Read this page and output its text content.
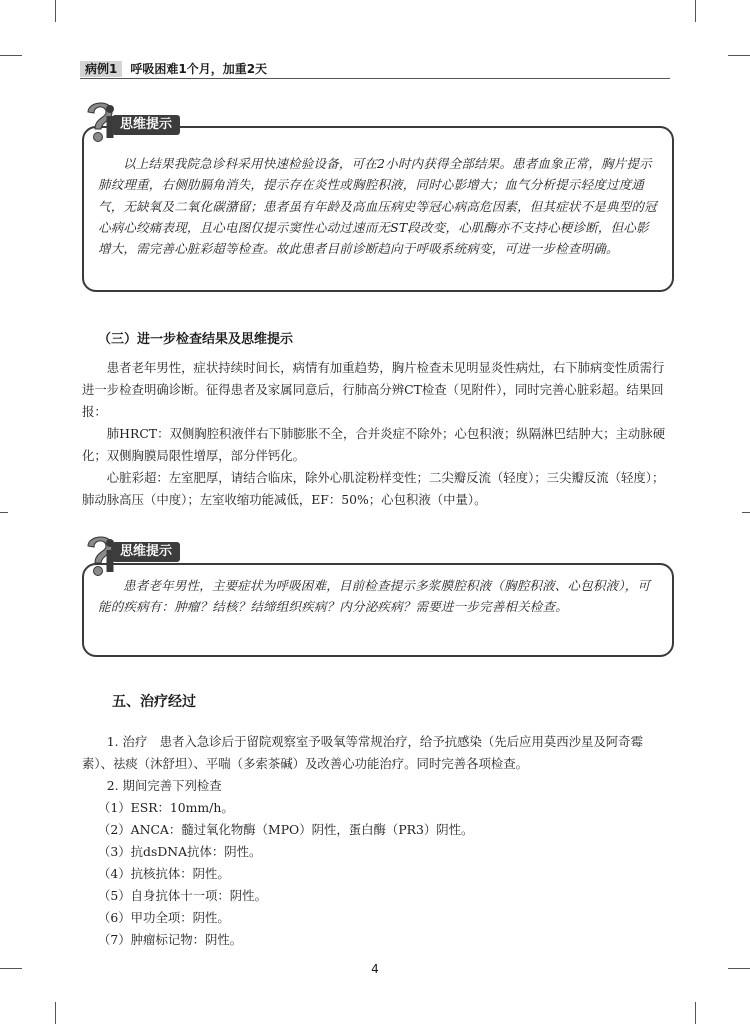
病例1 呼吸困难1个月，加重2天
思维提示
以上结果我院急诊科采用快速检验设备，可在2小时内获得全部结果。患者血象正常，胸片提示肺纹理重，右侧肋膈角消失，提示存在炎性或胸腔积液，同时心影增大；血气分析提示轻度过度通气，无缺氧及二氧化碳潴留；患者虽有年龄及高血压病史等冠心病高危因素，但其症状不是典型的冠心病心绞痛表现，且心电图仅提示窦性心动过速而无ST段改变，心肌酶亦不支持心梗诊断，但心影增大，需完善心脏彩超等检查。故此患者目前诊断趋向于呼吸系统病变，可进一步检查明确。
（三）进一步检查结果及思维提示
患者老年男性，症状持续时间长，病情有加重趋势，胸片检查未见明显炎性病灶，右下肺病变性质需行进一步检查明确诊断。征得患者及家属同意后，行肺高分辨CT检查（见附件），同时完善心脏彩超。结果回报：
肺HRCT：双侧胸腔积液伴右下肺膨胀不全，合并炎症不除外；心包积液；纵隔淋巴结肿大；主动脉硬化；双侧胸膜局限性增厚，部分伴钙化。
心脏彩超：左室肥厚，请结合临床，除外心肌淀粉样变性；二尖瓣反流（轻度）；三尖瓣反流（轻度）；肺动脉高压（中度）；左室收缩功能减低，EF：50%；心包积液（中量）。
思维提示
患者老年男性，主要症状为呼吸困难，目前检查提示多浆膜腔积液（胸腔积液、心包积液），可能的疾病有：肿瘤？结核？结缔组织疾病？内分泌疾病？需要进一步完善相关检查。
五、治疗经过
1. 治疗　患者入急诊后于留院观察室予吸氧等常规治疗，给予抗感染（先后应用莫西沙星及阿奇霉素）、祛痰（沐舒坦）、平喘（多索茶碱）及改善心功能治疗。同时完善各项检查。
2. 期间完善下列检查
（1）ESR：10mm/h。
（2）ANCA：髓过氧化物酶（MPO）阴性，蛋白酶（PR3）阴性。
（3）抗dsDNA抗体：阴性。
（4）抗核抗体：阴性。
（5）自身抗体十一项：阴性。
（6）甲功全项：阴性。
（7）肿瘤标记物：阴性。
4
